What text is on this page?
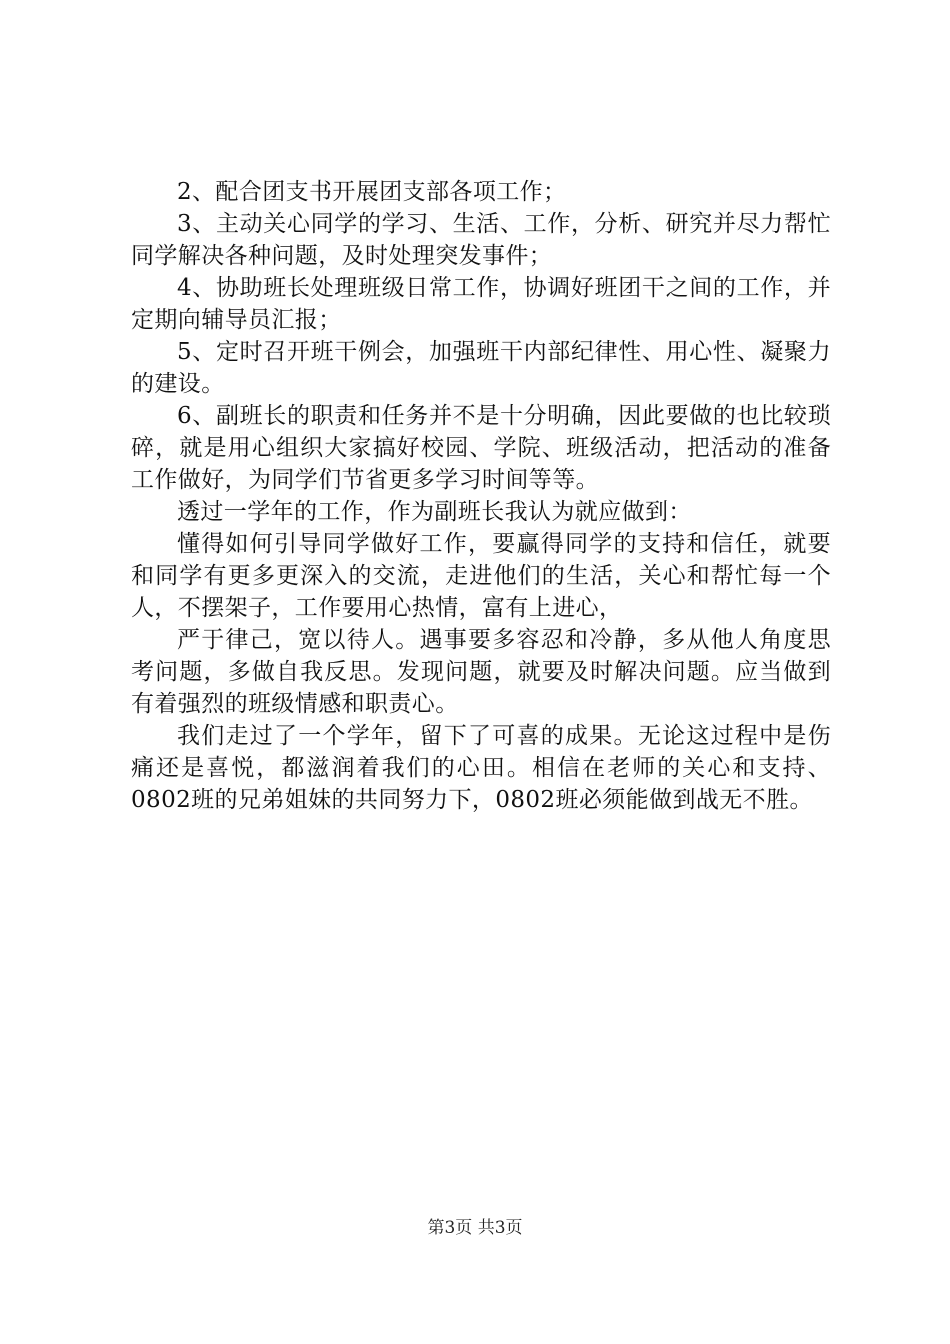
2、配合团支书开展团支部各项工作；

3、主动关心同学的学习、生活、工作，分析、研究并尽力帮忙同学解决各种问题，及时处理突发事件；

4、协助班长处理班级日常工作，协调好班团干之间的工作，并定期向辅导员汇报；

5、定时召开班干例会，加强班干内部纪律性、用心性、凝聚力的建设。

6、副班长的职责和任务并不是十分明确，因此要做的也比较琐碎，就是用心组织大家搞好校园、学院、班级活动，把活动的准备工作做好，为同学们节省更多学习时间等等。

透过一学年的工作，作为副班长我认为就应做到：

懂得如何引导同学做好工作，要赢得同学的支持和信任，就要和同学有更多更深入的交流，走进他们的生活，关心和帮忙每一个人，不摆架子，工作要用心热情，富有上进心，

严于律己，宽以待人。遇事要多容忍和冷静，多从他人角度思考问题，多做自我反思。发现问题，就要及时解决问题。应当做到有着强烈的班级情感和职责心。

我们走过了一个学年，留下了可喜的成果。无论这过程中是伤痛还是喜悦，都滋润着我们的心田。相信在老师的关心和支持、0802班的兄弟姐妹的共同努力下，0802班必须能做到战无不胜。

第3页 共3页
